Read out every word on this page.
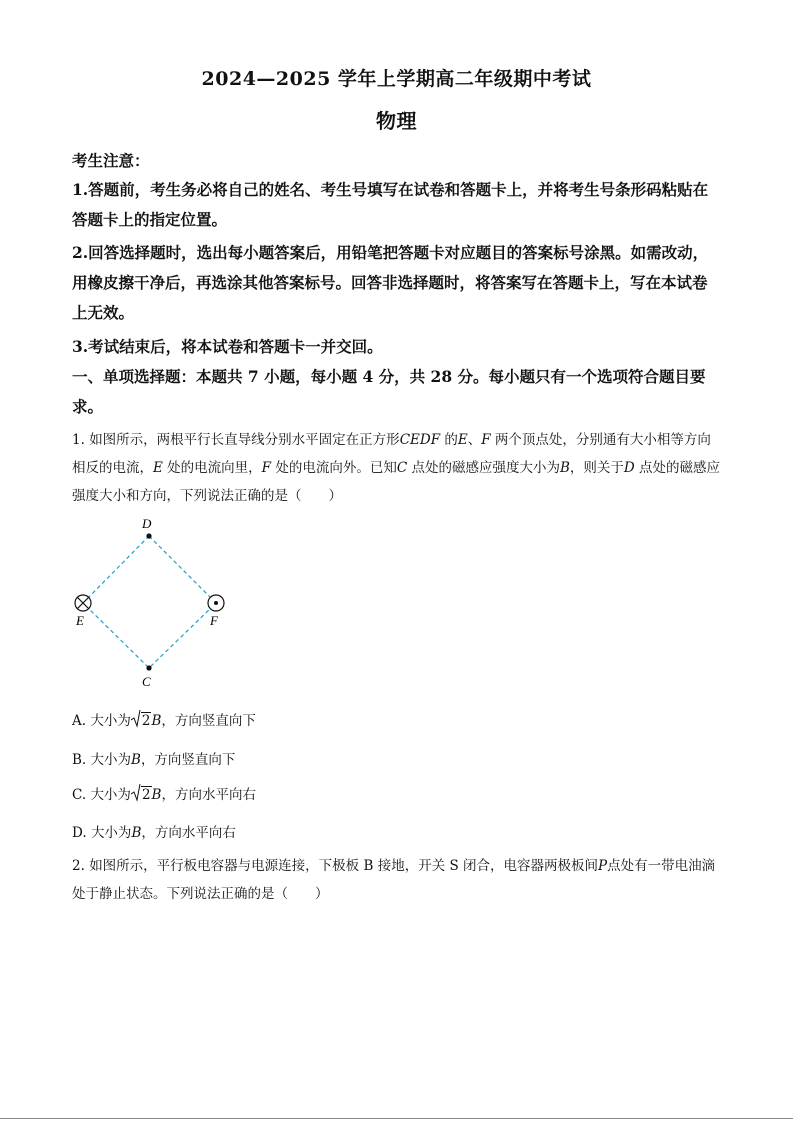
2024—2025 学年上学期高二年级期中考试
物理
考生注意：
1.答题前，考生务必将自己的姓名、考生号填写在试卷和答题卡上，并将考生号条形码粘贴在答题卡上的指定位置。
2.回答选择题时，选出每小题答案后，用铅笔把答题卡对应题目的答案标号涂黑。如需改动，用橡皮擦干净后，再选涂其他答案标号。回答非选择题时，将答案写在答题卡上，写在本试卷上无效。
3.考试结束后，将本试卷和答题卡一并交回。
一、单项选择题：本题共 7 小题，每小题 4 分，共 28 分。每小题只有一个选项符合题目要求。
1. 如图所示，两根平行长直导线分别水平固定在正方形CEDF 的E、F 两个顶点处，分别通有大小相等方向相反的电流，E 处的电流向里，F 处的电流向外。已知C 点处的磁感应强度大小为B，则关于D 点处的磁感应强度大小和方向，下列说法正确的是（　　）
D
E	F
C
A. 大小为 2B，方向竖直向下
B. 大小为B，方向竖直向下
C. 大小为 2B，方向水平向右
D. 大小为B，方向水平向右
2. 如图所示，平行板电容器与电源连接，下极板 B 接地，开关 S 闭合，电容器两极板间P点处有一带电油滴处于静止状态。下列说法正确的是（　　）
